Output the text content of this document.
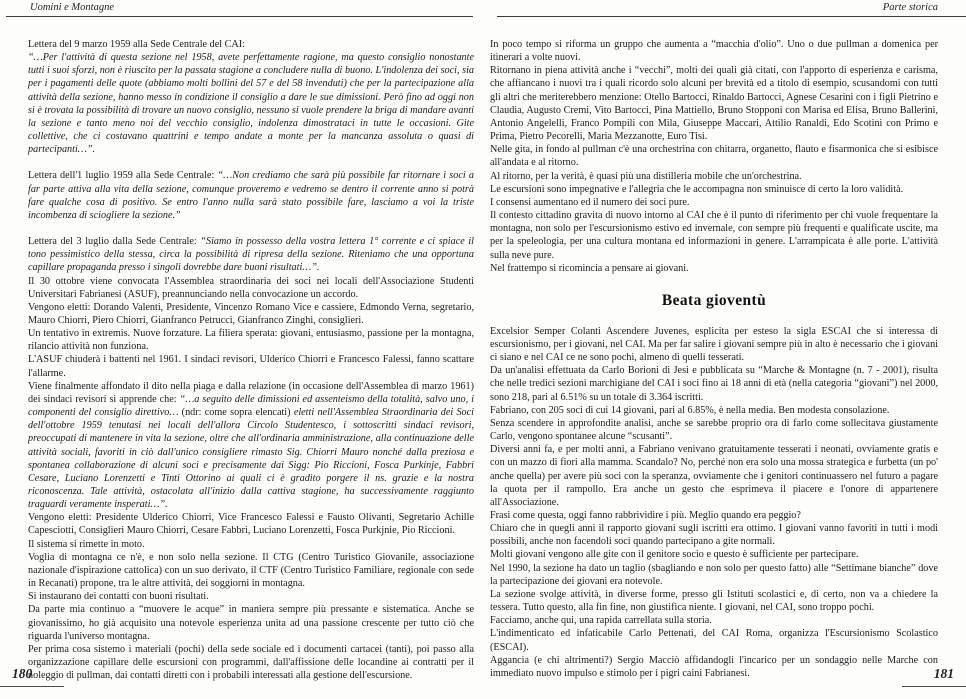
Uomini e Montagne	Parte storica
Lettera del 9 marzo 1959 alla Sede Centrale del CAI:
“…Per l'attività di questa sezione nel 1958, avete perfettamente ragione, ma questo consiglio nonostante tutti i suoi sforzi, non è riuscito per la passata stagione a concludere nulla di buono. L'indolenza dei soci, sia per i pagamenti delle quote (abbiamo molti bollini del 57 e del 58 invenduti) che per la partecipazione alla attività della sezione, hanno messo in condizione il consiglio a dare le sue dimissioni. Però fino ad oggi non si è trovata la possibilità di trovare un nuovo consiglio, nessuno si vuole prendere la briga di mandare avanti la sezione e tanto meno noi del vecchio consiglio, indolenza dimostrataci in tutte le occasioni. Gite collettive, che ci costavano quattrini e tempo andate a monte per la mancanza assoluta o quasi di partecipanti…”.
Lettera dell'1 luglio 1959 alla Sede Centrale: “…Non crediamo che sarà più possibile far ritornare i soci a far parte attiva alla vita della sezione, comunque proveremo e vedremo se dentro il corrente anno si potrà fare qualche cosa di positivo. Se entro l'anno nulla sarà stato possibile fare, lasciamo a voi la triste incombenza di sciogliere la sezione.”
Lettera del 3 luglio dalla Sede Centrale: “Siamo in possesso della vostra lettera 1° corrente e ci spiace il tono pessimistico della stessa, circa la possibilità di ripresa della sezione. Riteniamo che una opportuna capillare propaganda presso i singoli dovrebbe dare buoni risultati…”.
Il 30 ottobre viene convocata l'Assemblea straordinaria dei soci nei locali dell'Associazione Studenti Universitari Fabrianesi (ASUF), preannunciando nella convocazione un accordo.
Vengono eletti: Dorando Valenti, Presidente, Vincenzo Romano Vice e cassiere, Edmondo Verna, segretario, Mauro Chiorri, Piero Chiorri, Gianfranco Petrucci, Gianfranco Zinghi, consiglieri.
Un tentativo in extremis. Nuove forzature. La filiera sperata: giovani, entusiasmo, passione per la montagna, rilancio attività non funziona.
L'ASUF chiuderà i battenti nel 1961. I sindaci revisori, Ulderico Chiorri e Francesco Falessi, fanno scattare l'allarme.
Viene finalmente affondato il dito nella piaga e dalla relazione (in occasione dell'Assemblea di marzo 1961) dei sindaci revisori si apprende che: “…a seguito delle dimissioni ed assenteismo della totalità, salvo uno, i componenti del consiglio direttivo… (ndr: come sopra elencati) eletti nell'Assemblea Straordinaria dei Soci dell'ottobre 1959 tenutasi nei locali dell'allora Circolo Studentesco, i sottoscritti sindaci revisori, preoccupati di mantenere in vita la sezione, oltre che all'ordinaria amministrazione, alla continuazione delle attività sociali, favoriti in ciò dall'unico consigliere rimasto Sig. Chiorri Mauro nonché dalla preziosa e spontanea collaborazione di alcuni soci e precisamente dai Sigg: Pio Riccioni, Fosca Purkinje, Fabbri Cesare, Luciano Lorenzetti e Tinti Ottorino ai quali ci è gradito porgere il ns. grazie e la nostra riconoscenza. Tale attività, ostacolata all'inizio dalla cattiva stagione, ha successivamente raggiunto traguardi veramente insperati…”.
Vengono eletti: Presidente Ulderico Chiorri, Vice Francesco Falessi e Fausto Olivanti, Segretario Achille Capesciotti, Consiglieri Mauro Chiorri, Cesare Fabbri, Luciano Lorenzetti, Fosca Purkjnie, Pio Riccioni.
Il sistema si rimette in moto.
Voglia di montagna ce n'è, e non solo nella sezione. Il CTG (Centro Turistico Giovanile, associazione nazionale d'ispirazione cattolica) con un suo derivato, il CTF (Centro Turistico Familiare, regionale con sede in Recanati) propone, tra le altre attività, dei soggiorni in montagna.
Si instaurano dei contatti con buoni risultati.
Da parte mia continuo a “muovere le acque” in maniera sempre più pressante e sistematica. Anche se giovanissimo, ho già acquisito una notevole esperienza unita ad una passione crescente per tutto ciò che riguarda l'universo montagna.
Per prima cosa sistemo i materiali (pochi) della sede sociale ed i documenti cartacei (tanti), poi passo alla organizzazione capillare delle escursioni con programmi, dall'affissione delle locandine ai contratti per il noleggio di pullman, dai contatti diretti con i probabili interessati alla gestione dell'escursione.
In poco tempo si riforma un gruppo che aumenta a “macchia d'olio”. Uno o due pullman a domenica per itinerari a volte nuovi.
Ritornano in piena attività anche i “vecchi”, molti dei quali già citati, con l'apporto di esperienza e carisma, che affiancano i nuovi tra i quali ricordo solo alcuni per brevità ed a titolo di esempio, scusandomi con tutti gli altri che meriterebbero menzione: Otello Bartocci, Rinaldo Bartocci, Agnese Cesarini con i figli Pietrino e Claudia, Augusto Cremi, Vito Bartocci, Pina Mattiello, Bruno Stopponi con Marisa ed Elisa, Bruno Ballerini, Antonio Angelelli, Franco Pompili con Mila, Giuseppe Maccari, Attilio Ranaldi, Edo Scotini con Primo e Prima, Pietro Pecorelli, Maria Mezzanotte, Euro Tisi.
Nelle gita, in fondo al pullman c'è una orchestrina con chitarra, organetto, flauto e fisarmonica che si esibisce all'andata e al ritorno.
Al ritorno, per la verità, è quasi più una distilleria mobile che un'orchestrina.
Le escursioni sono impegnative e l'allegria che le accompagna non sminuisce di certo la loro validità.
I consensi aumentano ed il numero dei soci pure.
Il contesto cittadino gravita di nuovo intorno al CAI che è il punto di riferimento per chi vuole frequentare la montagna, non solo per l'escursionismo estivo ed invernale, con sempre più frequenti e qualificate uscite, ma per la speleologia, per una cultura montana ed informazioni in genere. L'arrampicata è alle porte. L'attività sulla neve pure.
Nel frattempo si ricomincia a pensare ai giovani.
Beata gioventù
Excelsior Semper Colanti Ascendere Juvenes, esplicita per esteso la sigla ESCAI che si interessa di escursionismo, per i giovani, nel CAI. Ma per far salire i giovani sempre più in alto è necessario che i giovani ci siano e nel CAI ce ne sono pochi, almeno di quelli tesserati.
Da un'analisi effettuata da Carlo Borioni di Jesi e pubblicata su “Marche & Montagne (n. 7 - 2001), risulta che nelle tredici sezioni marchigiane del CAI i soci fino ai 18 anni di età (nella categoria “giovani”) nel 2000, sono 218, pari al 6.51% su un totale di 3.364 iscritti.
Fabriano, con 205 soci di cui 14 giovani, pari al 6.85%, è nella media. Ben modesta consolazione.
Senza scendere in approfondite analisi, anche se sarebbe proprio ora di farlo come sollecitava giustamente Carlo, vengono spontanee alcune “scusanti”.
Diversi anni fa, e per molti anni, a Fabriano venivano gratuitamente tesserati i neonati, ovviamente gratis e con un mazzo di fiori alla mamma. Scandalo? No, perché non era solo una mossa strategica e furbetta (un po' anche quella) per avere più soci con la speranza, ovviamente che i genitori continuassero nel futuro a pagare la quota per il rampollo. Era anche un gesto che esprimeva il piacere e l'onore di appartenere all'Associazione.
Frasi come questa, oggi fanno rabbrividire i più. Meglio quando era peggio?
Chiaro che in quegli anni il rapporto giovani sugli iscritti era ottimo. I giovani vanno favoriti in tutti i modi possibili, anche non facendoli soci quando partecipano a gite normali.
Molti giovani vengono alle gite con il genitore socio e questo è sufficiente per partecipare.
Nel 1990, la sezione ha dato un taglio (sbagliando e non solo per questo fatto) alle “Settimane bianche” dove la partecipazione dei giovani era notevole.
La sezione svolge attività, in diverse forme, presso gli Istituti scolastici e, di certo, non va a chiedere la tessera. Tutto questo, alla fin fine, non giustifica niente. I giovani, nel CAI, sono troppo pochi.
Facciamo, anche qui, una rapida carrellata sulla storia.
L'indimenticato ed infaticabile Carlo Pettenati, del CAI Roma, organizza l'Escursionismo Scolastico (ESCAI).
Aggancia (e chi altrimenti?) Sergio Macciò affidandogli l'incarico per un sondaggio nelle Marche con immediato nuovo impulso e stimolo per i pigri caini Fabrianesi.
180	181
